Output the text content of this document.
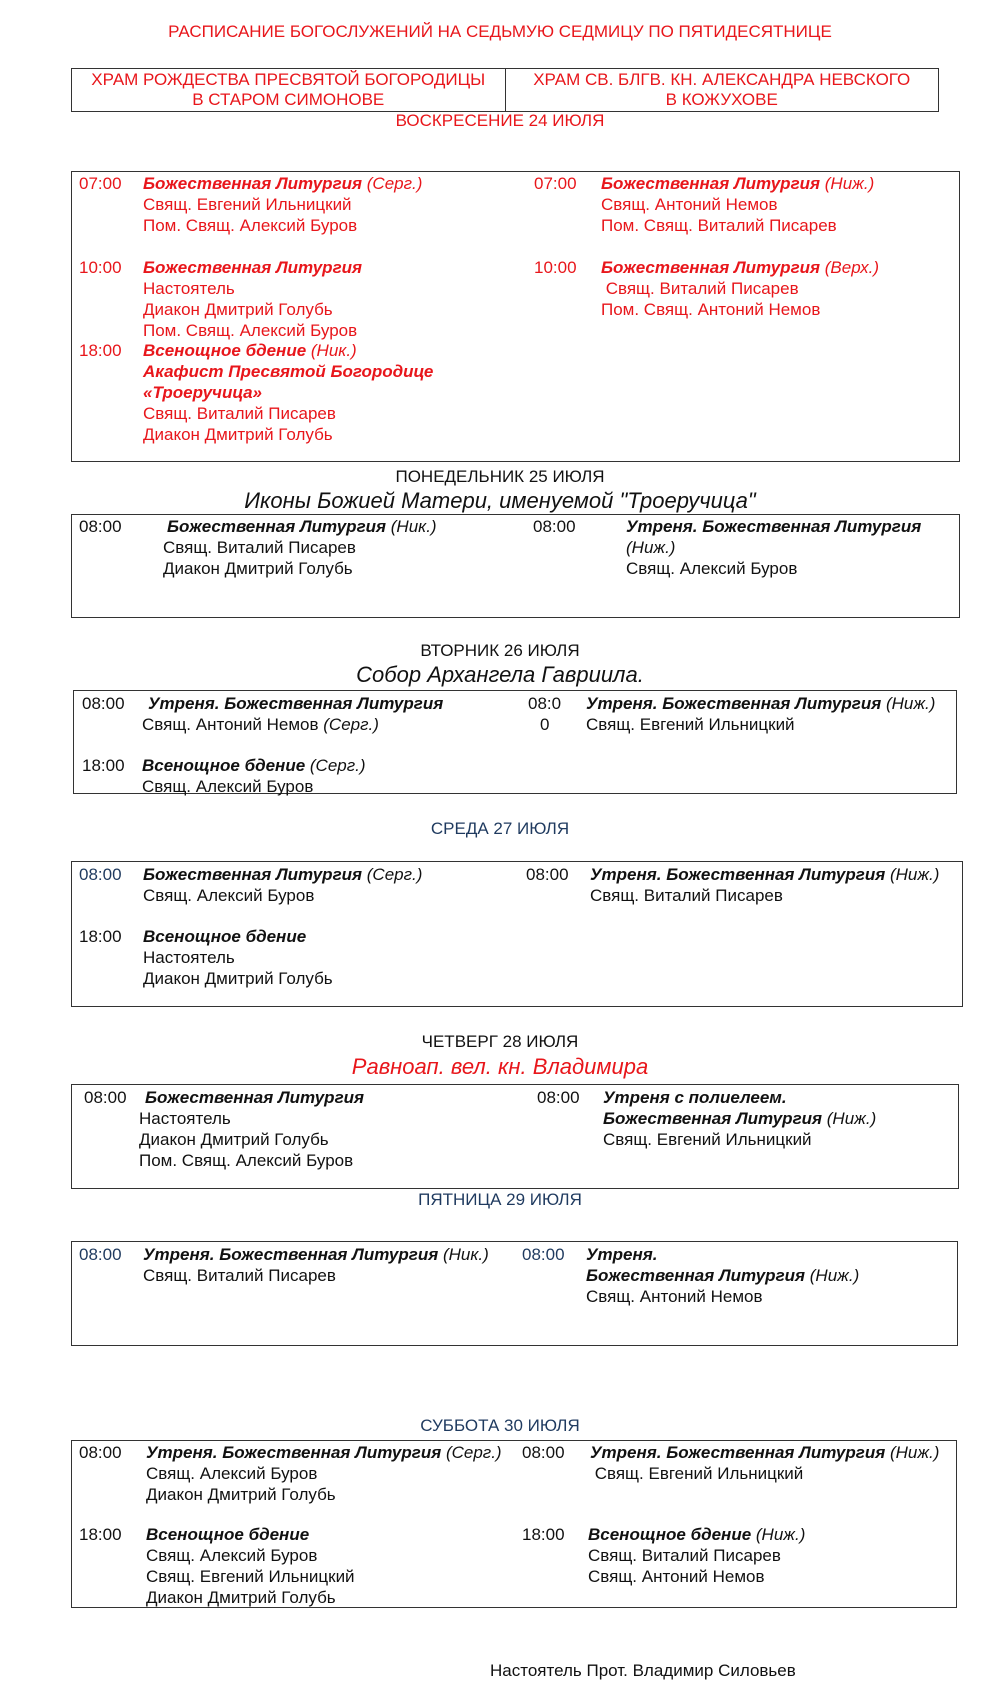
РАСПИСАНИЕ БОГОСЛУЖЕНИЙ НА СЕДЬМУЮ СЕДМИЦУ ПО ПЯТИДЕСЯТНИЦЕ
ХРАМ РОЖДЕСТВА ПРЕСВЯТОЙ БОГОРОДИЦЫ
В СТАРОМ СИМОНОВЕ
ХРАМ СВ. БЛГВ. КН. АЛЕКСАНДРА НЕВСКОГО
В КОЖУХОВЕ
ВОСКРЕСЕНИЕ 24 ИЮЛЯ
07:00 Божественная Литургия (Серг.)
Свящ. Евгений Ильницкий
Пом. Свящ. Алексий Буров
10:00 Божественная Литургия
Настоятель
Диакон Дмитрий Голубь
Пом. Свящ. Алексий Буров
18:00 Всенощное бдение (Ник.)
Акафист Пресвятой Богородице
«Троеручица»
Свящ. Виталий Писарев
Диакон Дмитрий Голубь
07:00 Божественная Литургия (Ниж.)
Свящ. Антоний Немов
Пом. Свящ. Виталий Писарев
10:00 Божественная Литургия (Верх.)
Свящ. Виталий Писарев
Пом. Свящ. Антоний Немов
ПОНЕДЕЛЬНИК 25 ИЮЛЯ
Иконы Божией Матери, именуемой "Троеручица"
08:00	Божественная Литургия (Ник.)
Свящ. Виталий Писарев
Диакон Дмитрий Голубь
08:00	Утреня. Божественная Литургия
(Ниж.)
Свящ. Алексий Буров
ВТОРНИК 26 ИЮЛЯ
Собор Архангела Гавриила.
08:00 Утреня. Божественная Литургия
Свящ. Антоний Немов (Серг.)
18:00 Всенощное бдение (Серг.)
Свящ. Алексий Буров
08:0
0
Утреня. Божественная Литургия (Ниж.)
Свящ. Евгений Ильницкий
СРЕДА 27 ИЮЛЯ
08:00 Божественная Литургия (Серг.)
Свящ. Алексий Буров
18:00 Всенощное бдение
Настоятель
Диакон Дмитрий Голубь
08:00 Утреня. Божественная Литургия (Ниж.)
Свящ. Виталий Писарев
ЧЕТВЕРГ 28 ИЮЛЯ
Равноап. вел. кн. Владимира
08:00 Божественная Литургия
Настоятель
Диакон Дмитрий Голубь
Пом. Свящ. Алексий Буров
08:00 Утреня с полиелеем.
Божественная Литургия (Ниж.)
Свящ. Евгений Ильницкий
ПЯТНИЦА 29 ИЮЛЯ
08:00 Утреня. Божественная Литургия (Ник.)
Свящ. Виталий Писарев
08:00 Утреня.
Божественная Литургия (Ниж.)
Свящ. Антоний Немов
СУББОТА 30 ИЮЛЯ
08:00 Утреня. Божественная Литургия (Серг.)
Свящ. Алексий Буров
Диакон Дмитрий Голубь
18:00 Всенощное бдение
Свящ. Алексий Буров
Свящ. Евгений Ильницкий
Диакон Дмитрий Голубь
08:00 Утреня. Божественная Литургия (Ниж.)
Свящ. Евгений Ильницкий
18:00 Всенощное бдение (Ниж.)
Свящ. Виталий Писарев
Свящ. Антоний Немов
Настоятель Прот. Владимир Силовьев
